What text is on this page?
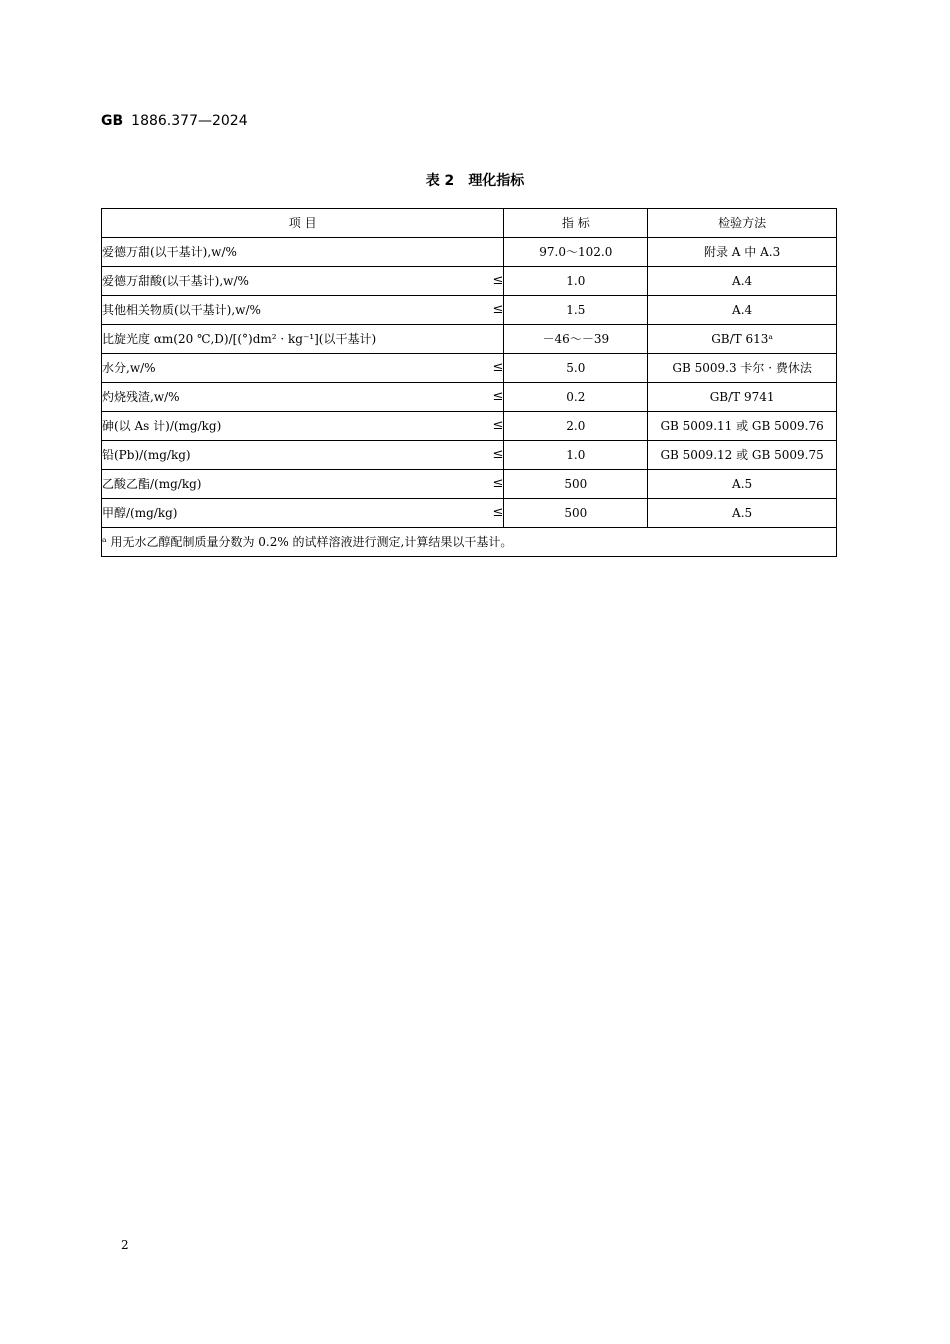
GB 1886.377—2024
表 2 理化指标
项 目	指 标	检验方法

爱德万甜(以干基计),w/%	97.0～102.0	附录 A 中 A.3

爱德万甜酸(以干基计),w/% ≤	1.0	A.4

其他相关物质(以干基计),w/% ≤	1.5	A.4

比旋光度 αm(20 ℃,D)/[(°)dm² · kg⁻¹](以干基计)	－46～－39	GB/T 613ᵃ

水分,w/% ≤	5.0	GB 5009.3 卡尔 · 费休法

灼烧残渣,w/% ≤	0.2	GB/T 9741

砷(以 As 计)/(mg/kg) ≤	2.0	GB 5009.11 或 GB 5009.76

铅(Pb)/(mg/kg) ≤	1.0	GB 5009.12 或 GB 5009.75

乙酸乙酯/(mg/kg) ≤	500	A.5

甲醇/(mg/kg) ≤	500	A.5
ᵃ 用无水乙醇配制质量分数为 0.2% 的试样溶液进行测定,计算结果以干基计。		
2
